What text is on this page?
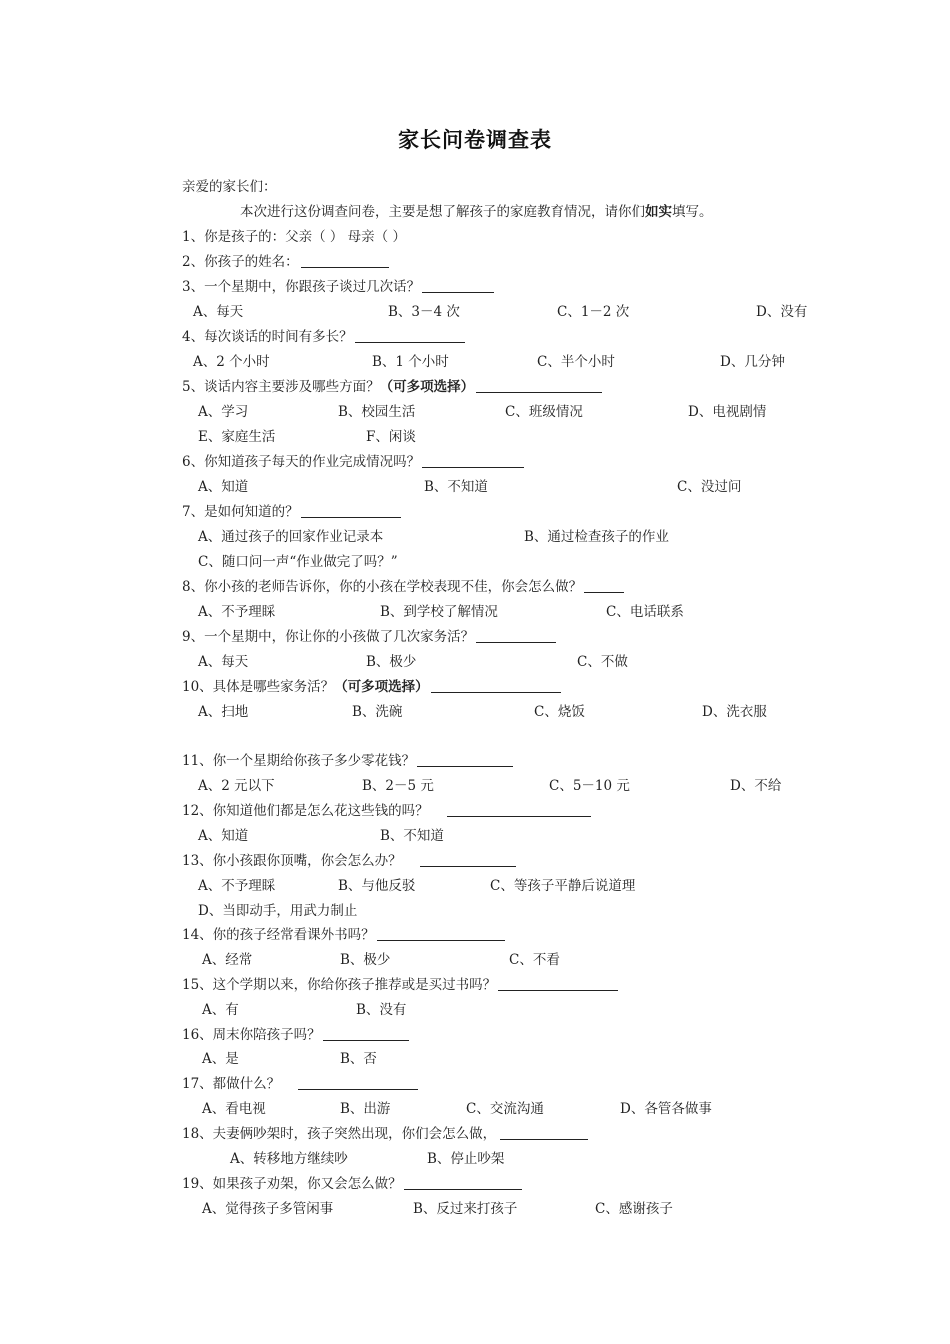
家长问卷调查表
亲爱的家长们：
本次进行这份调查问卷，主要是想了解孩子的家庭教育情况，请你们如实填写。
1、你是孩子的：父亲（ ） 母亲（ ）
2、你孩子的姓名：
3、一个星期中，你跟孩子谈过几次话？
A、每天	B、3－4 次	C、1－2 次	D、没有
4、每次谈话的时间有多长？
A、2 个小时	B、1 个小时	C、半个小时	D、几分钟
5、谈话内容主要涉及哪些方面？（可多项选择）
A、学习	B、校园生活	C、班级情况	D、电视剧情
E、家庭生活	F、闲谈
6、你知道孩子每天的作业完成情况吗？
A、知道	B、不知道	C、没过问
7、是如何知道的？
A、通过孩子的回家作业记录本	B、通过检查孩子的作业
C、随口问一声“作业做完了吗？”
8、你小孩的老师告诉你，你的小孩在学校表现不佳，你会怎么做？
A、不予理睬	B、到学校了解情况	C、电话联系
9、一个星期中，你让你的小孩做了几次家务活？
A、每天	B、极少	C、不做
10、具体是哪些家务活？（可多项选择）
A、扫地	B、洗碗	C、烧饭	D、洗衣服
11、你一个星期给你孩子多少零花钱？
A、2 元以下	B、2－5 元	C、5－10 元	D、不给
12、你知道他们都是怎么花这些钱的吗？
A、知道	B、不知道
13、你小孩跟你顶嘴，你会怎么办？
A、不予理睬	B、与他反驳	C、等孩子平静后说道理
D、当即动手，用武力制止
14、你的孩子经常看课外书吗？
A、经常	B、极少	C、不看
15、这个学期以来，你给你孩子推荐或是买过书吗？
A、有	B、没有
16、周末你陪孩子吗？
A、是	B、否
17、都做什么？
A、看电视	B、出游	C、交流沟通	D、各管各做事
18、夫妻俩吵架时，孩子突然出现，你们会怎么做，
A、转移地方继续吵	B、停止吵架
19、如果孩子劝架，你又会怎么做？
A、觉得孩子多管闲事	B、反过来打孩子	C、感谢孩子
